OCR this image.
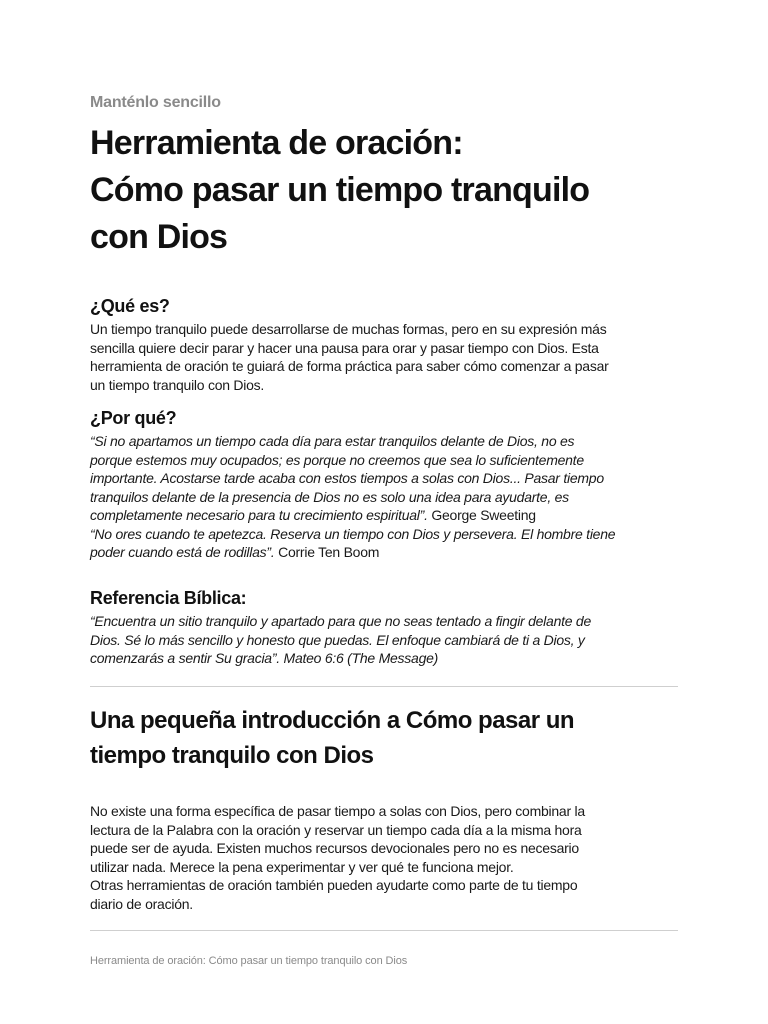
Manténlo sencillo
Herramienta de oración:
Cómo pasar un tiempo tranquilo
con Dios
¿Qué es?
Un tiempo tranquilo puede desarrollarse de muchas formas, pero en su expresión más
sencilla quiere decir parar y hacer una pausa para orar y pasar tiempo con Dios. Esta
herramienta de oración te guiará de forma práctica para saber cómo comenzar a pasar
un tiempo tranquilo con Dios.
¿Por qué?
“Si no apartamos un tiempo cada día para estar tranquilos delante de Dios, no es
porque estemos muy ocupados; es porque no creemos que sea lo suficientemente
importante. Acostarse tarde acaba con estos tiempos a solas con Dios... Pasar tiempo
tranquilos delante de la presencia de Dios no es solo una idea para ayudarte, es
completamente necesario para tu crecimiento espiritual”. George Sweeting
“No ores cuando te apetezca. Reserva un tiempo con Dios y persevera. El hombre tiene
poder cuando está de rodillas”. Corrie Ten Boom
Referencia Bíblica:
“Encuentra un sitio tranquilo y apartado para que no seas tentado a fingir delante de
Dios. Sé lo más sencillo y honesto que puedas. El enfoque cambiará de ti a Dios, y
comenzarás a sentir Su gracia”. Mateo 6:6 (The Message)
Una pequeña introducción a Cómo pasar un
tiempo tranquilo con Dios
No existe una forma específica de pasar tiempo a solas con Dios, pero combinar la
lectura de la Palabra con la oración y reservar un tiempo cada día a la misma hora
puede ser de ayuda. Existen muchos recursos devocionales pero no es necesario
utilizar nada. Merece la pena experimentar y ver qué te funciona mejor.
Otras herramientas de oración también pueden ayudarte como parte de tu tiempo
diario de oración.
Herramienta de oración: Cómo pasar un tiempo tranquilo con Dios
